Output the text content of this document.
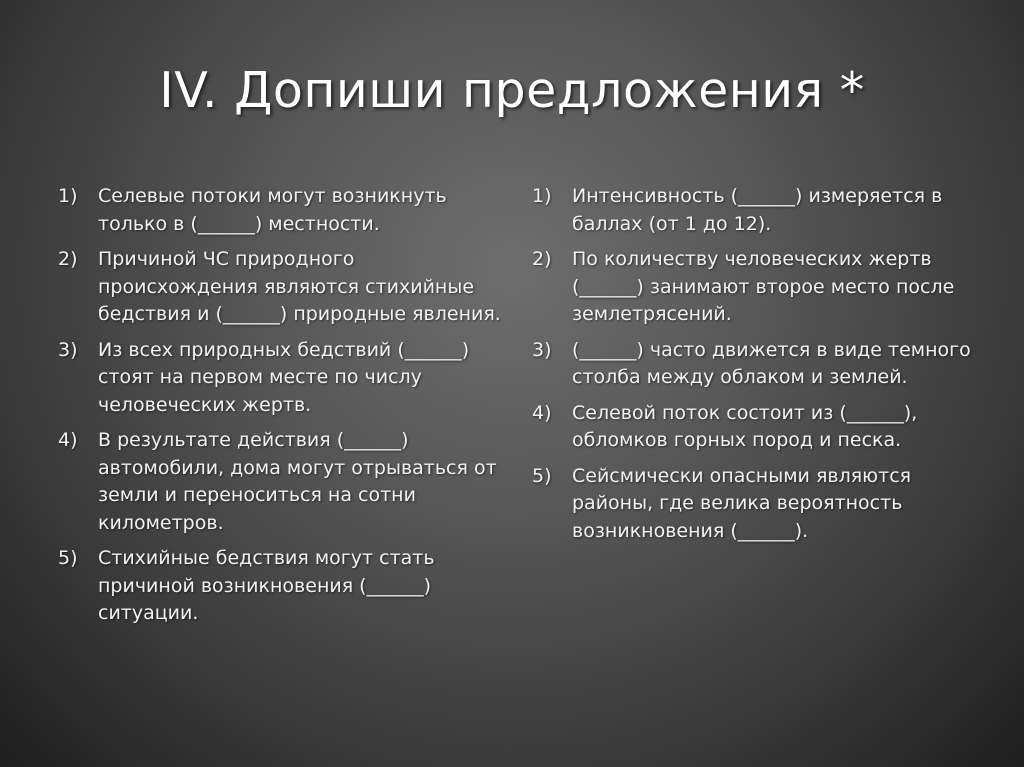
IV. Допиши предложения *
1)	Селевые потоки могут возникнуть только в (______) местности.
2)	Причиной ЧС природного происхождения являются стихийные бедствия и (______) природные явления.
3)	Из всех природных бедствий (______) стоят на первом месте по числу человеческих жертв.
4)	В результате действия (______) автомобили, дома могут отрываться от земли и переноситься на сотни километров.
5)	Стихийные бедствия могут стать причиной возникновения (______) ситуации.
1)	Интенсивность (______) измеряется в баллах (от 1 до 12).
2)	По количеству человеческих жертв (______) занимают второе место после землетрясений.
3)	(______) часто движется в виде темного столба между облаком и землей.
4)	Селевой поток состоит из (______), обломков горных пород и песка.
5)	Сейсмически опасными являются районы, где велика вероятность возникновения (______).
